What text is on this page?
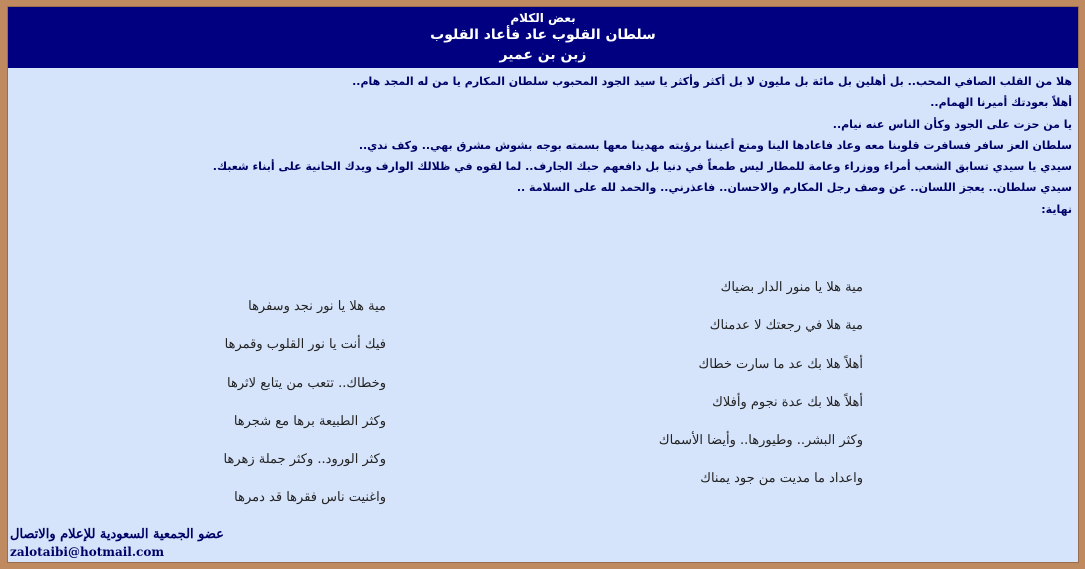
بعض الكلام
سلطان القلوب عاد فأعاد القلوب
زبن بن عمير
هلا من القلب الصافي المحب.. بل أهلين بل مائة بل مليون لا بل أكثر وأكثر يا سيد الجود المحبوب سلطان المكارم يا من له المجد هام..
أهلاً بعودتك أميرنا الهمام..
يا من حزت على الجود وكأن الناس عنه نيام..
سلطان العز سافر فسافرت قلوبنا معه وعاد فاعادها الينا ومتع أعيننا برؤيته مهدينا معها بسمته بوجه بشوش مشرق بهي.. وكف ندي..
سيدي يا سيدي تسابق الشعب أمراء ووزراء وعامة للمطار ليس طمعاً في دنيا بل دافعهم حبك الجارف.. لما لقوه في ظلالك الوارف ويدك الحانية على أبناء شعبك.
سيدي سلطان.. يعجز اللسان.. عن وصف رجل المكارم والاحسان.. فاعذرني.. والحمد لله على السلامة ..
نهاية:
مية هلا يا منور الدار بضياك
مية هلا في رجعتك لا عدمناك
أهلاً هلا بك عد ما سارت خطاك
أهلاً هلا بك عدة نجوم وأفلاك
وكثر البشر.. وطيورها.. وأيضا الأسماك
واعداد ما مديت من جود يمناك
مية هلا يا نور نجد وسفرها
فيك أنت يا نور القلوب وقمرها
وخطاك.. تتعب من يتابع لاثرها
وكثر الطبيعة برها مع شجرها
وكثر الورود.. وكثر جملة زهرها
واغنيت ناس فقرها قد دمرها
عضو الجمعية السعودية للإعلام والاتصال
zalotaibi@hotmail.com
